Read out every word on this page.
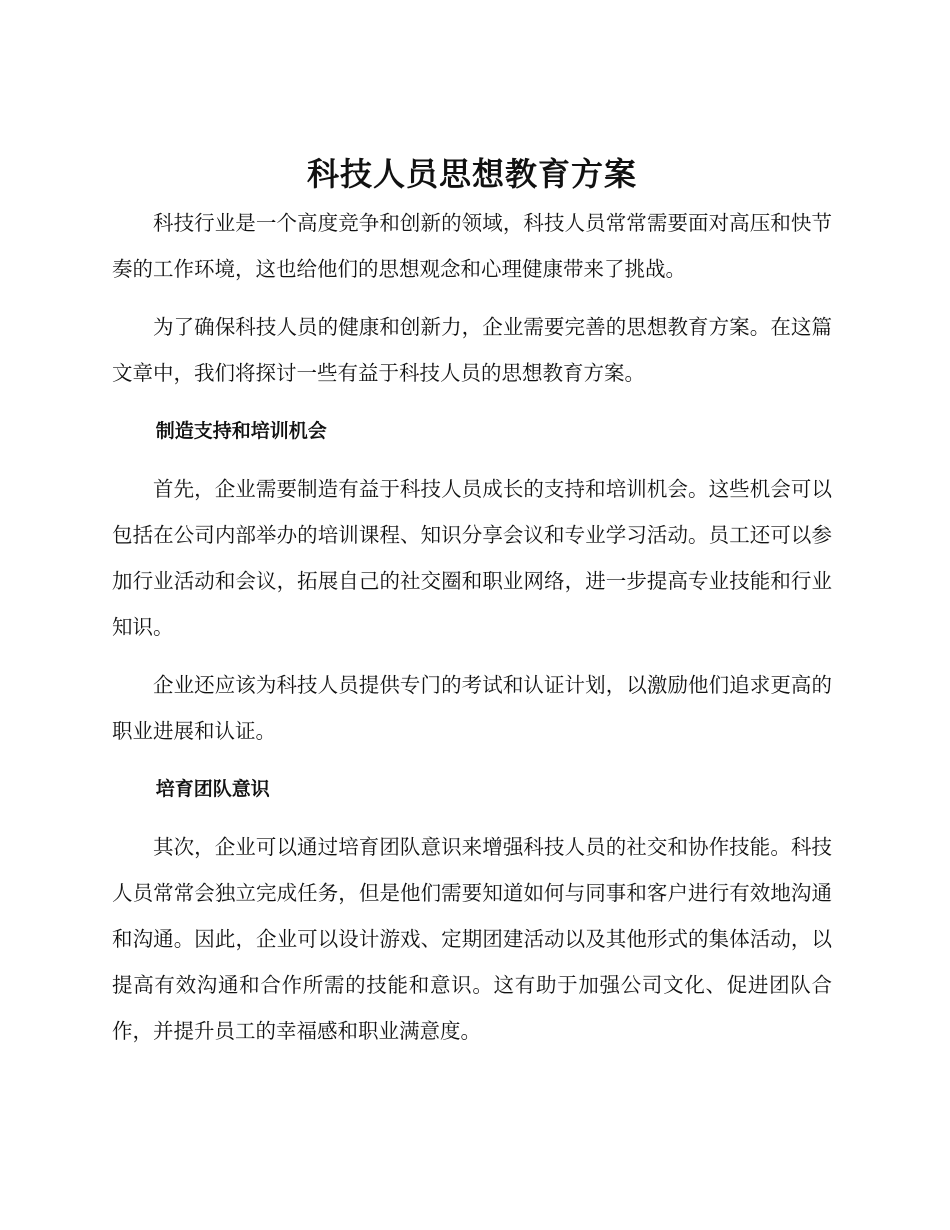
科技人员思想教育方案

科技行业是一个高度竞争和创新的领域，科技人员常常需要面对高压和快节奏的工作环境，这也给他们的思想观念和心理健康带来了挑战。

为了确保科技人员的健康和创新力，企业需要完善的思想教育方案。在这篇文章中，我们将探讨一些有益于科技人员的思想教育方案。

制造支持和培训机会

首先，企业需要制造有益于科技人员成长的支持和培训机会。这些机会可以包括在公司内部举办的培训课程、知识分享会议和专业学习活动。员工还可以参加行业活动和会议，拓展自己的社交圈和职业网络，进一步提高专业技能和行业知识。

企业还应该为科技人员提供专门的考试和认证计划，以激励他们追求更高的职业进展和认证。

培育团队意识

其次，企业可以通过培育团队意识来增强科技人员的社交和协作技能。科技人员常常会独立完成任务，但是他们需要知道如何与同事和客户进行有效地沟通和沟通。因此，企业可以设计游戏、定期团建活动以及其他形式的集体活动，以提高有效沟通和合作所需的技能和意识。这有助于加强公司文化、促进团队合作，并提升员工的幸福感和职业满意度。
